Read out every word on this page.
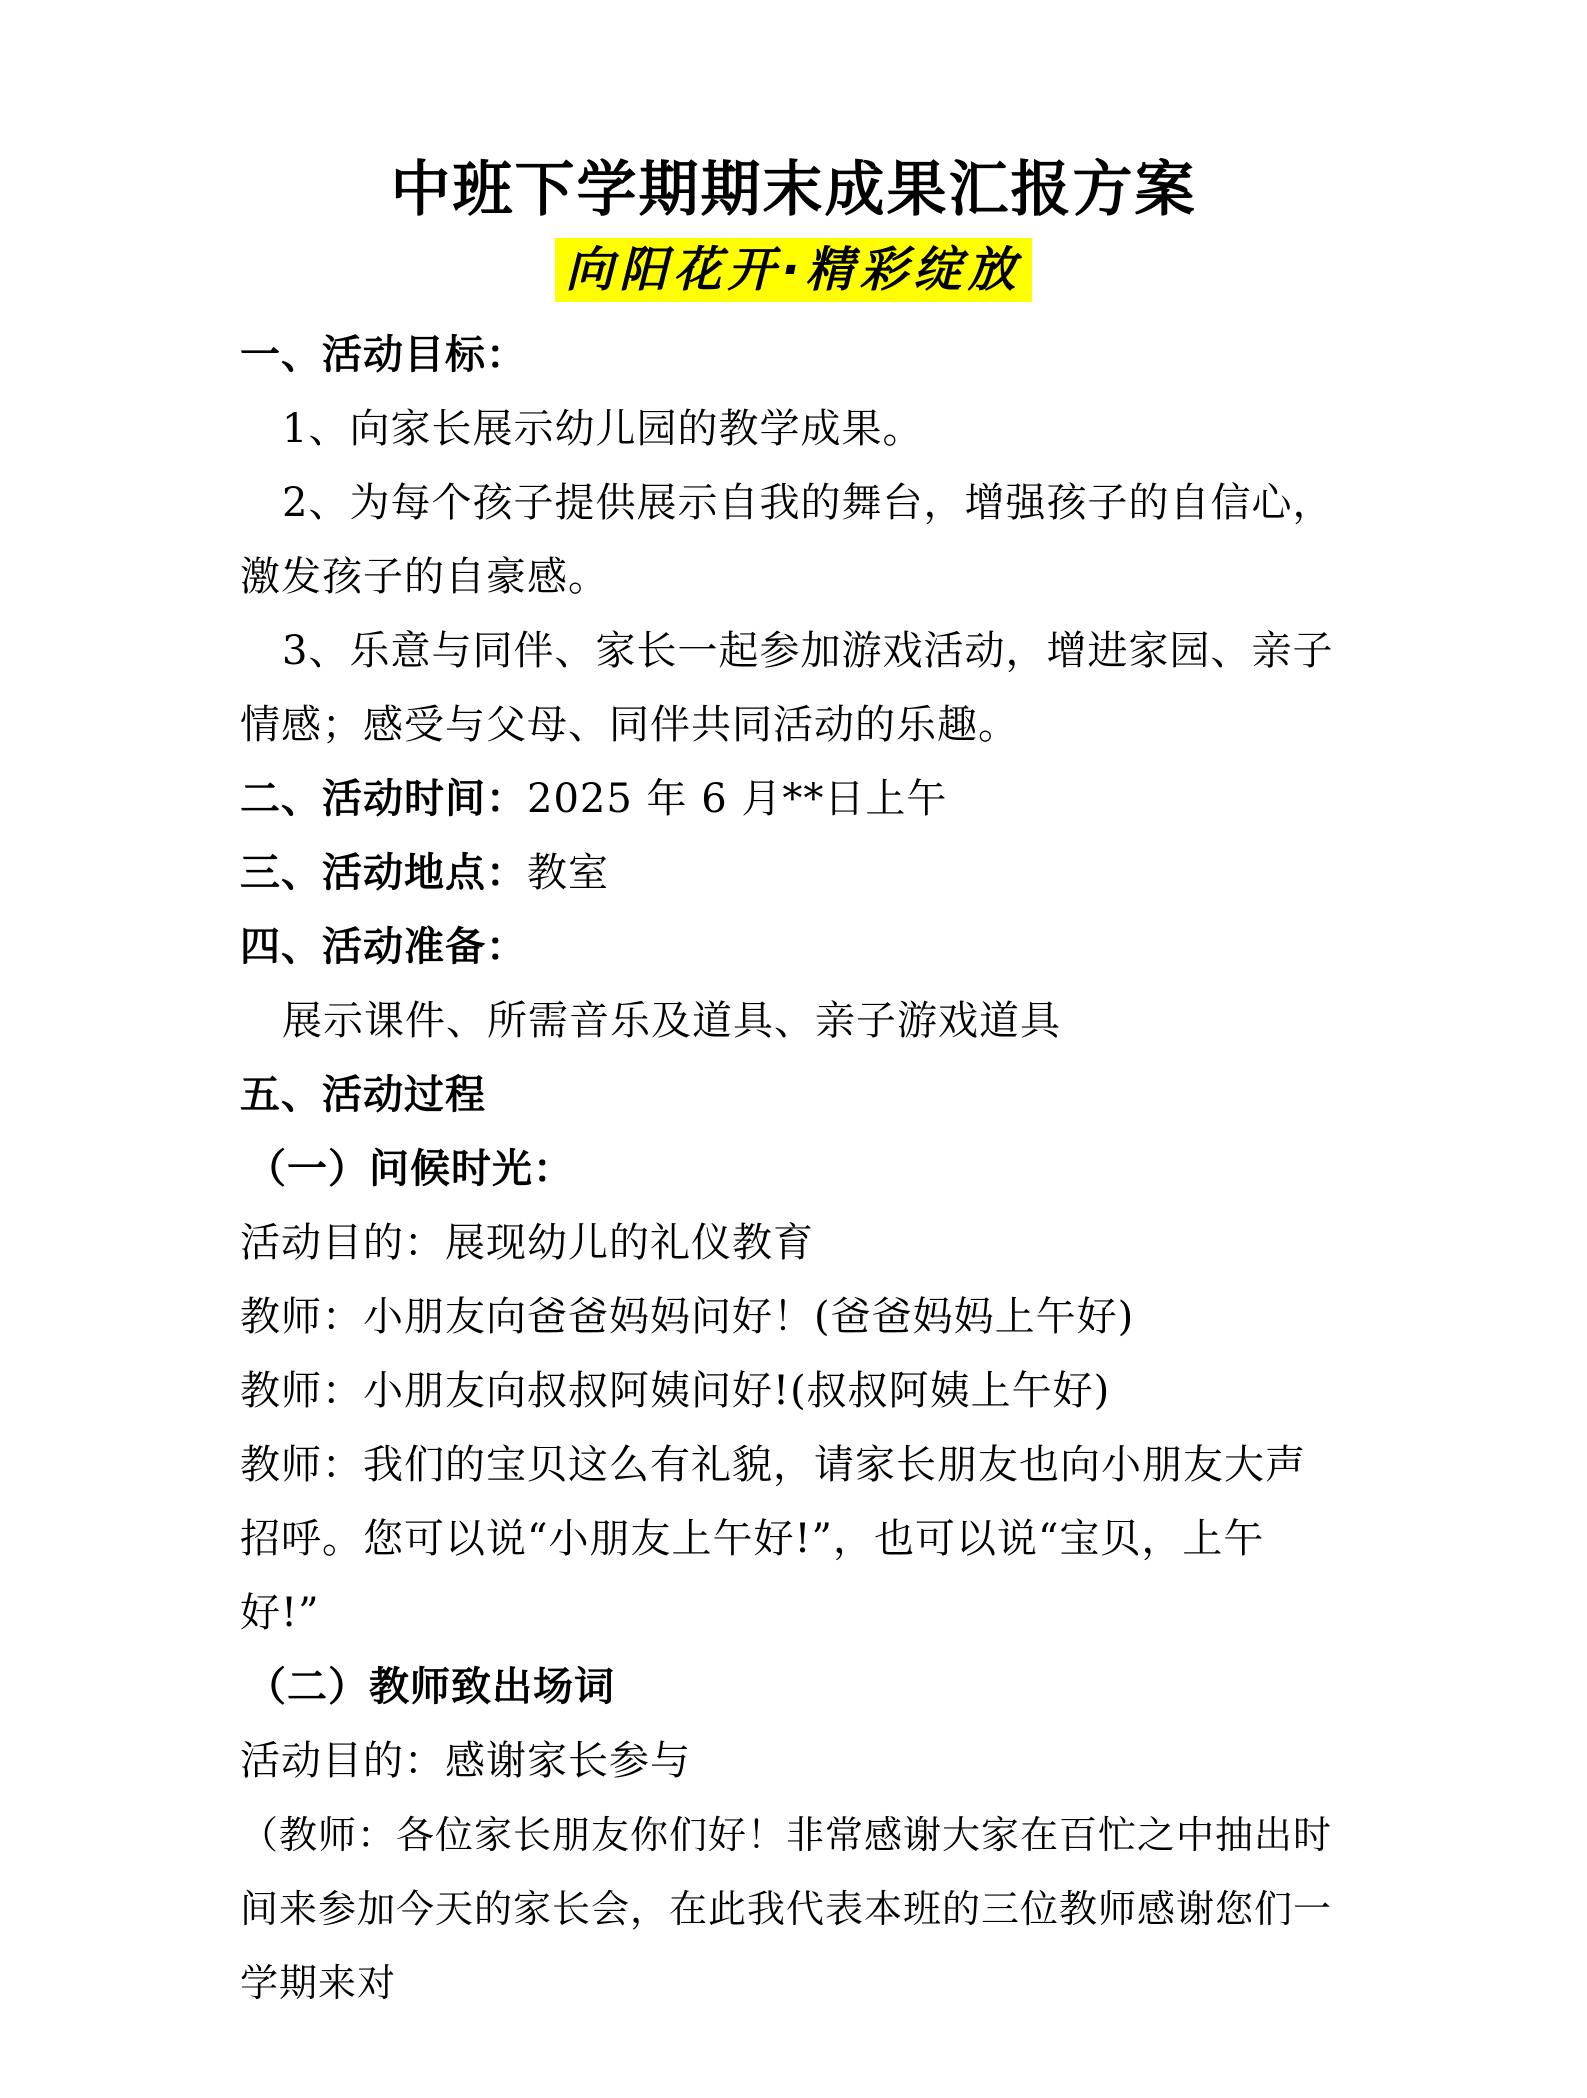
中班下学期期末成果汇报方案
向阳花开·精彩绽放
一、活动目标：
1、向家长展示幼儿园的教学成果。
2、为每个孩子提供展示自我的舞台，增强孩子的自信心，激发孩子的自豪感。
3、乐意与同伴、家长一起参加游戏活动，增进家园、亲子情感；感受与父母、同伴共同活动的乐趣。
二、活动时间：2025 年 6 月**日上午
三、活动地点：教室
四、活动准备：
展示课件、所需音乐及道具、亲子游戏道具
五、活动过程
（一）问候时光：
活动目的：展现幼儿的礼仪教育
教师：小朋友向爸爸妈妈问好！(爸爸妈妈上午好)
教师：小朋友向叔叔阿姨问好!(叔叔阿姨上午好)
教师：我们的宝贝这么有礼貌，请家长朋友也向小朋友大声招呼。您可以说“小朋友上午好!”，也可以说“宝贝，上午好!”
（二）教师致出场词
活动目的：感谢家长参与
（教师：各位家长朋友你们好！非常感谢大家在百忙之中抽出时间来参加今天的家长会，在此我代表本班的三位教师感谢您们一学期来对
